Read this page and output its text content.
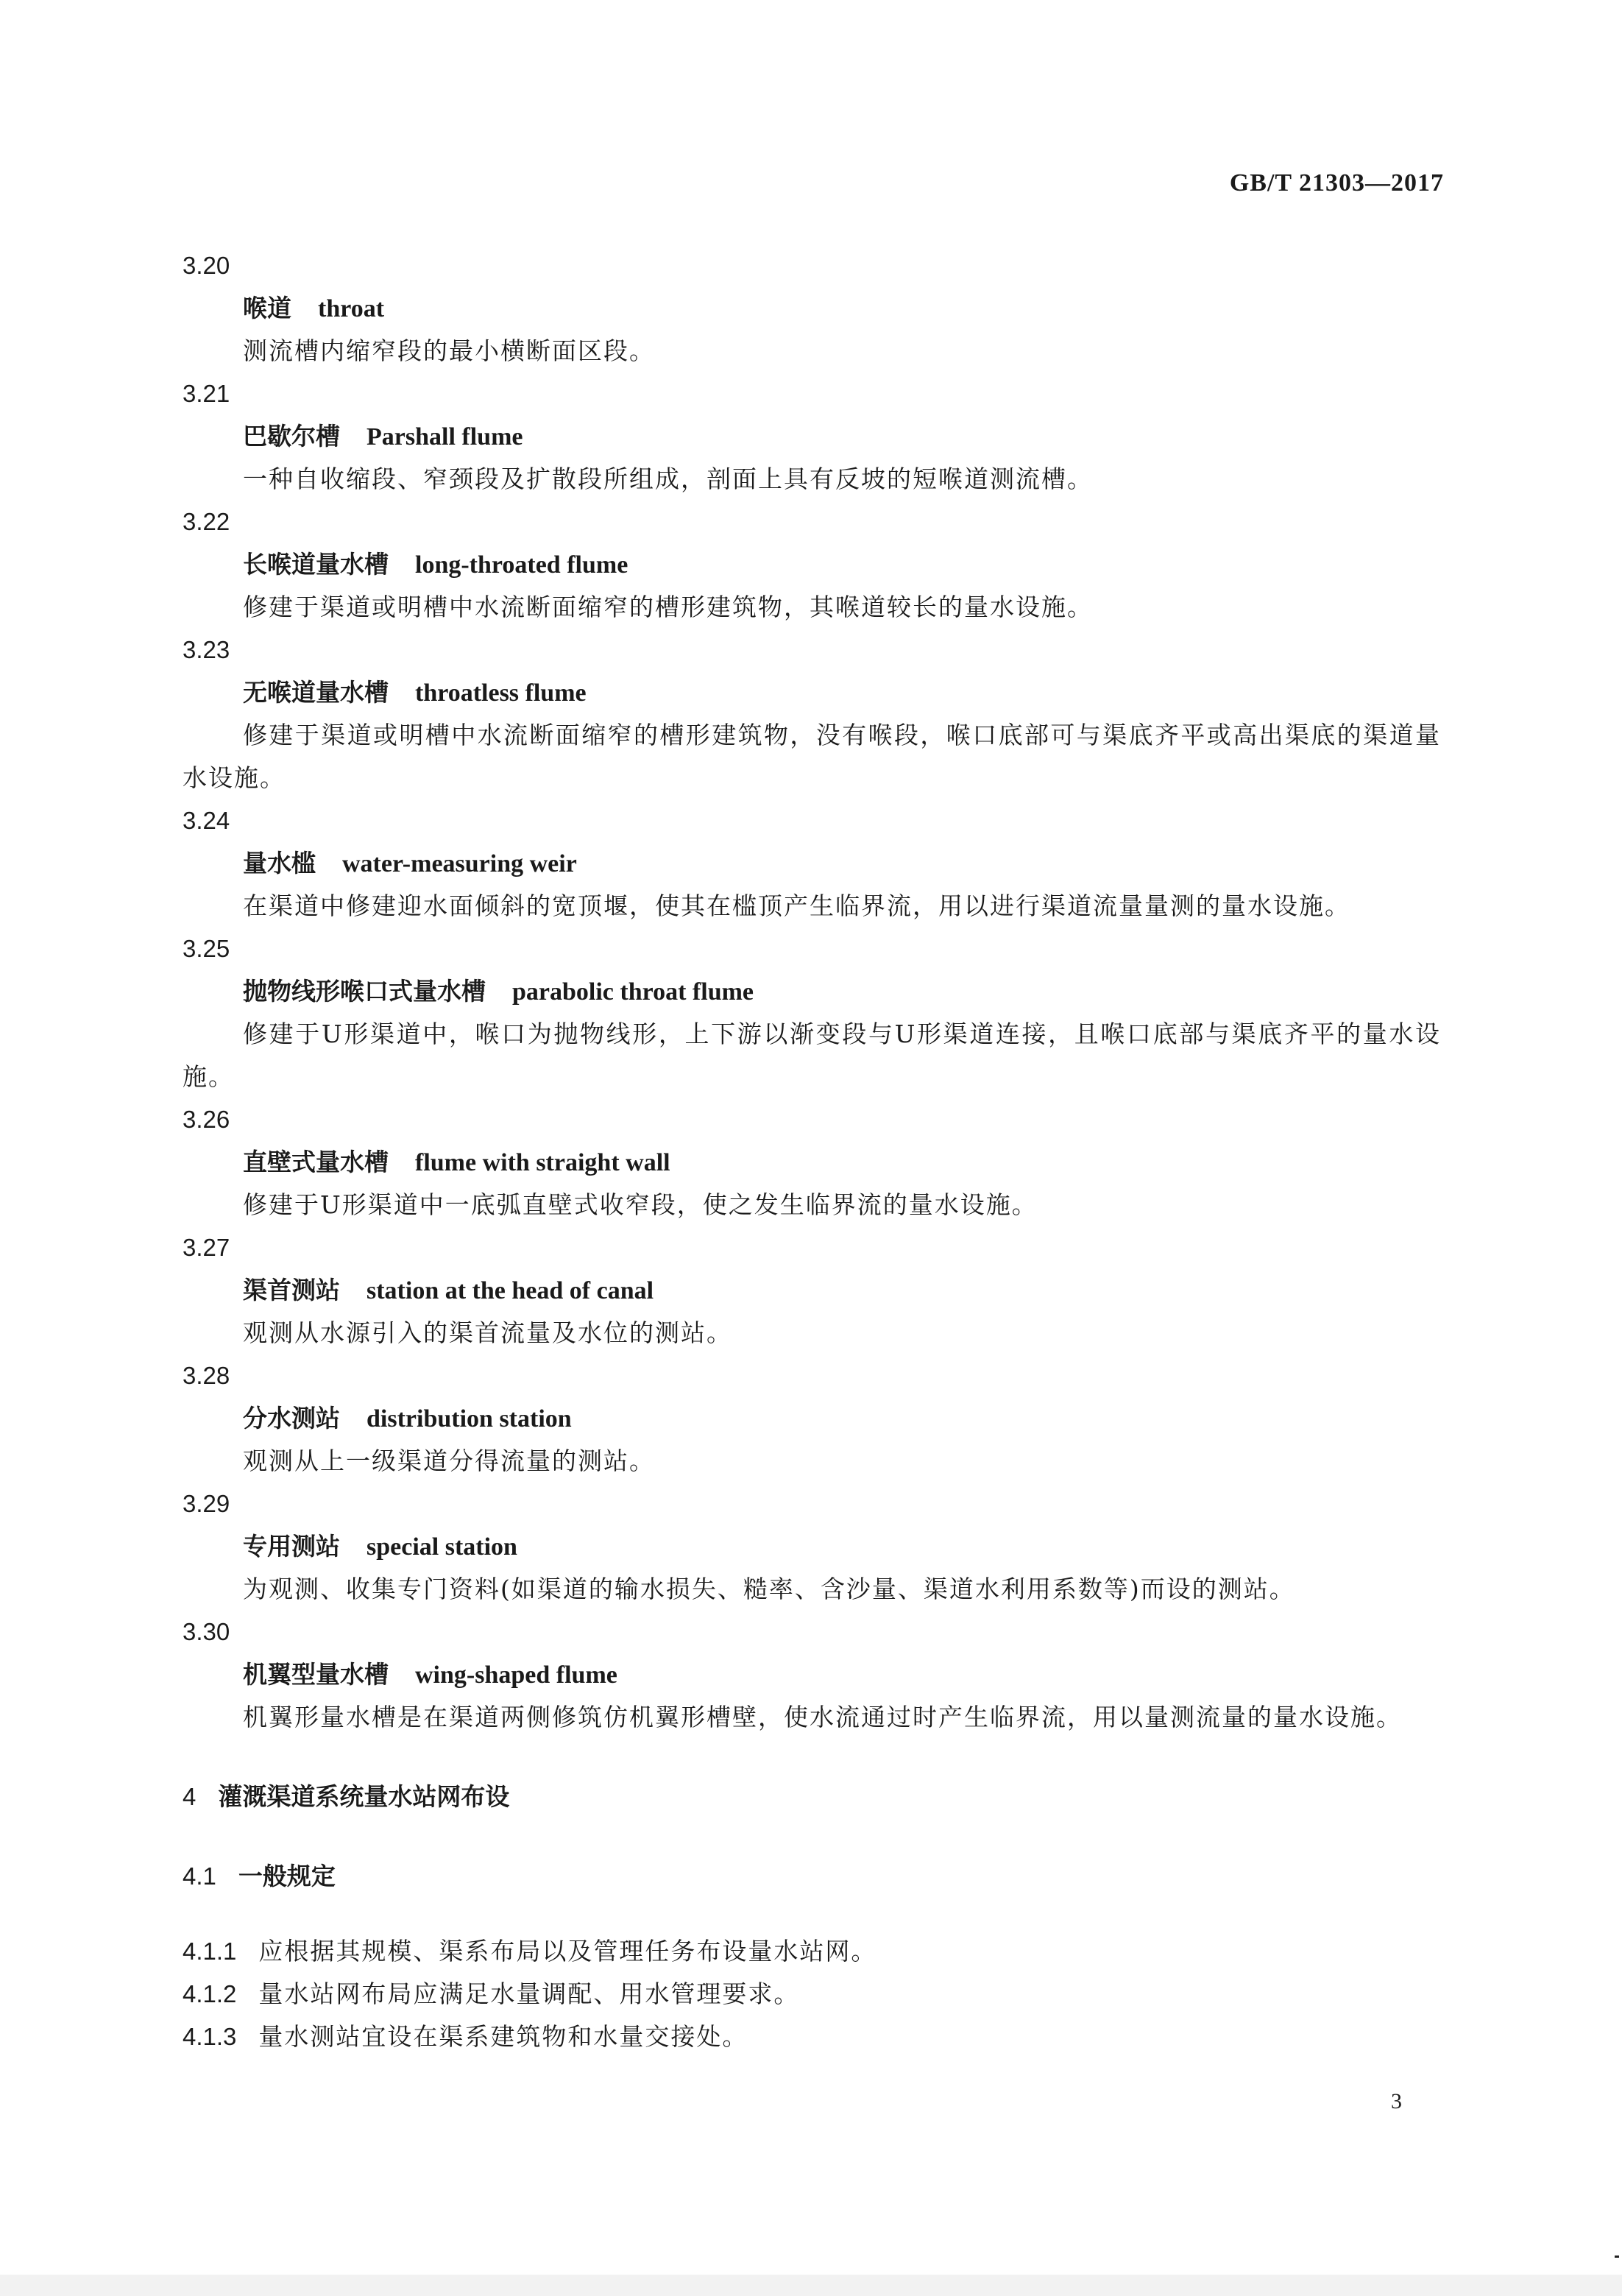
GB/T 21303—2017

3.20

喉道 throat

测流槽内缩窄段的最小横断面区段。

3.21

巴歇尔槽 Parshall flume

一种自收缩段、窄颈段及扩散段所组成，剖面上具有反坡的短喉道测流槽。

3.22

长喉道量水槽 long-throated flume

修建于渠道或明槽中水流断面缩窄的槽形建筑物，其喉道较长的量水设施。

3.23

无喉道量水槽 throatless flume

修建于渠道或明槽中水流断面缩窄的槽形建筑物，没有喉段，喉口底部可与渠底齐平或高出渠底的渠道量水设施。

3.24

量水槛 water-measuring weir

在渠道中修建迎水面倾斜的宽顶堰，使其在槛顶产生临界流，用以进行渠道流量量测的量水设施。

3.25

抛物线形喉口式量水槽 parabolic throat flume

修建于U形渠道中，喉口为抛物线形，上下游以渐变段与U形渠道连接，且喉口底部与渠底齐平的量水设施。

3.26

直壁式量水槽 flume with straight wall

修建于U形渠道中一底弧直壁式收窄段，使之发生临界流的量水设施。

3.27

渠首测站 station at the head of canal

观测从水源引入的渠首流量及水位的测站。

3.28

分水测站 distribution station

观测从上一级渠道分得流量的测站。

3.29

专用测站 special station

为观测、收集专门资料(如渠道的输水损失、糙率、含沙量、渠道水利用系数等)而设的测站。

3.30

机翼型量水槽 wing-shaped flume

机翼形量水槽是在渠道两侧修筑仿机翼形槽壁，使水流通过时产生临界流，用以量测流量的量水设施。

4 灌溉渠道系统量水站网布设
4.1 一般规定

4.1.1 应根据其规模、渠系布局以及管理任务布设量水站网。

4.1.2 量水站网布局应满足水量调配、用水管理要求。

4.1.3 量水测站宜设在渠系建筑物和水量交接处。

3
